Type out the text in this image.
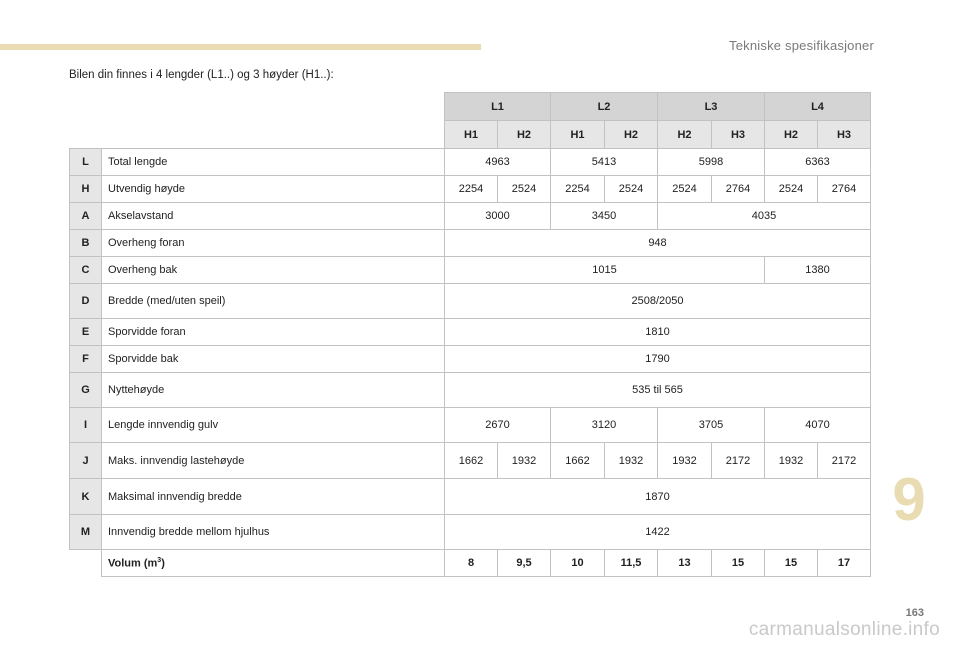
Tekniske spesifikasjoner
Bilen din finnes i 4 lengder (L1..) og 3 høyder (H1..):
		L1		L2		L3		L4	
		H1	H2	H1	H2	H2	H3	H2	H3
L	Total lengde	4963		5413		5998		6363	
H	Utvendig høyde	2254	2524	2254	2524	2524	2764	2524	2764
A	Akselavstand	3000		3450		4035			
B	Overheng foran	948							
C	Overheng bak	1015						1380	
D	Bredde (med/uten speil)	2508/2050							
E	Sporvidde foran	1810							
F	Sporvidde bak	1790							
G	Nyttehøyde	535 til 565							
I	Lengde innvendig gulv	2670		3120		3705		4070	
J	Maks. innvendig lastehøyde	1662	1932	1662	1932	1932	2172	1932	2172
K	Maksimal innvendig bredde	1870							
M	Innvendig bredde mellom hjulhus	1422							
	Volum $(m^3)$	8	9,5	10	11,5	13	15	15	17
9
163
carmanualsonline.info
